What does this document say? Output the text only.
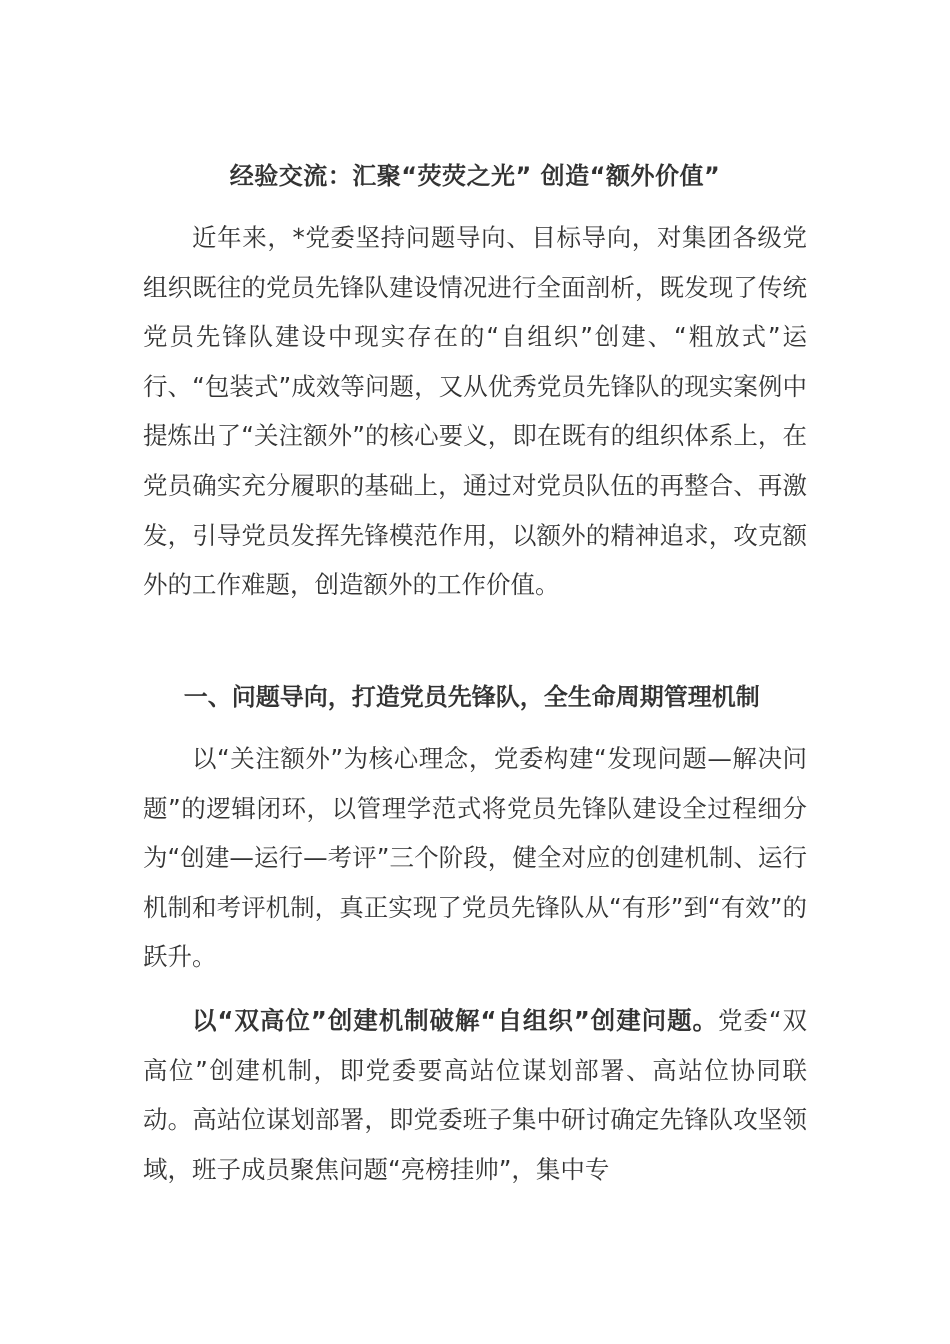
经验交流：汇聚“荧荧之光” 创造“额外价值”

近年来，*党委坚持问题导向、目标导向，对集团各级党组织既往的党员先锋队建设情况进行全面剖析，既发现了传统党员先锋队建设中现实存在的“自组织”创建、“粗放式”运行、“包装式”成效等问题，又从优秀党员先锋队的现实案例中提炼出了“关注额外”的核心要义，即在既有的组织体系上，在党员确实充分履职的基础上，通过对党员队伍的再整合、再激发，引导党员发挥先锋模范作用，以额外的精神追求，攻克额外的工作难题，创造额外的工作价值。

一、问题导向，打造党员先锋队，全生命周期管理机制

以“关注额外”为核心理念，党委构建“发现问题—解决问题”的逻辑闭环，以管理学范式将党员先锋队建设全过程细分为“创建—运行—考评”三个阶段，健全对应的创建机制、运行机制和考评机制，真正实现了党员先锋队从“有形”到“有效”的跃升。

以“双高位”创建机制破解“自组织”创建问题。党委“双高位”创建机制，即党委要高站位谋划部署、高站位协同联动。高站位谋划部署，即党委班子集中研讨确定先锋队攻坚领域，班子成员聚焦问题“亮榜挂帅”，集中专
